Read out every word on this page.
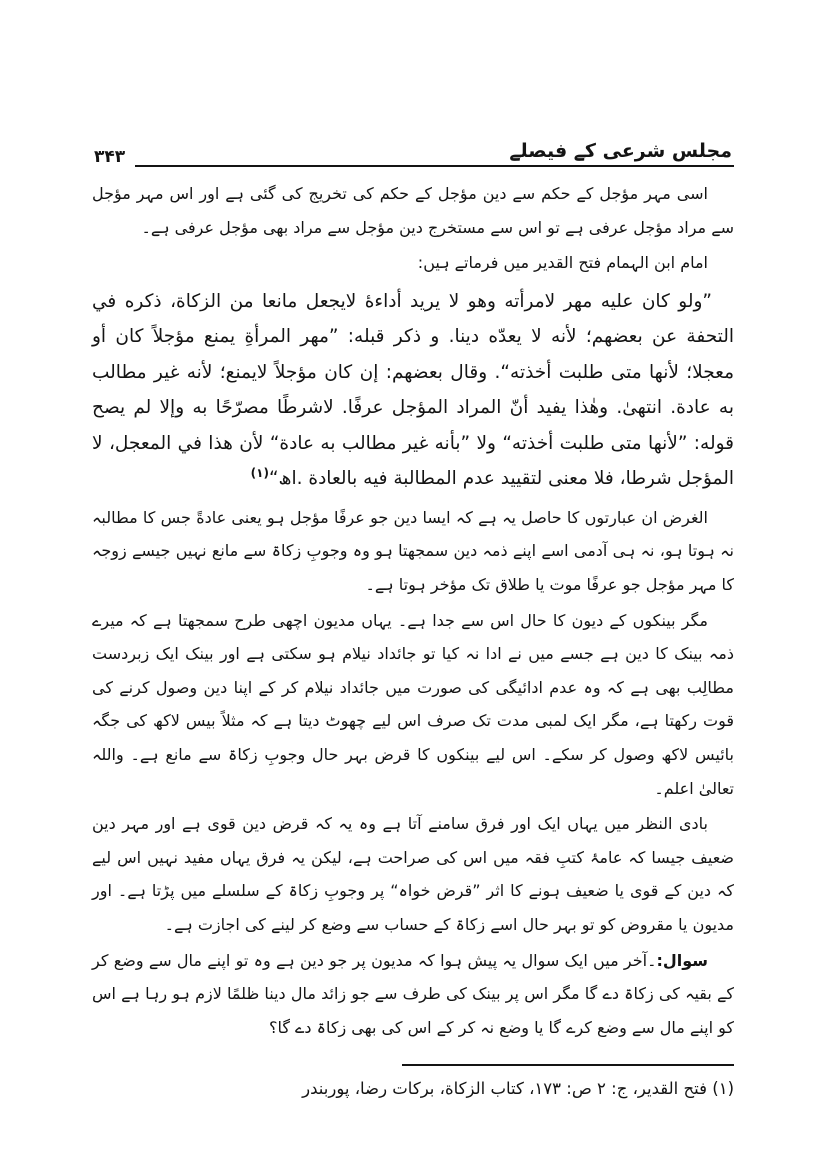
مجلس شرعی کے فیصلے
۳۴۳

اسی مہر مؤجل کے حکم سے دین مؤجل کے حکم کی تخریج کی گئی ہے اور اس مہر مؤجل سے مراد مؤجل عرفی ہے تو اس سے مستخرج دین مؤجل سے مراد بھی مؤجل عرفی ہے۔

امام ابن الہمام فتح القدیر میں فرماتے ہیں:

”ولو كان عليه مهر لامرأته وهو لا يريد أداءهٔ لايجعل مانعا من الزكاة، ذكره في التحفة عن بعضهم؛ لأنه لا يعدّه دينا. و ذكر قبله: ”مهر المرأةِ يمنع مؤجلاً كان أو معجلا؛ لأنها متى طلبت أخذته“. وقال بعضهم: إن كان مؤجلاً لايمنع؛ لأنه غير مطالب به عادة. انتهىٰ. وهٰذا يفيد أنّ المراد المؤجل عرفًا. لاشرطًا مصرّحًا به وإلا لم يصح قوله: ”لأنها متى طلبت أخذته“ ولا ”بأنه غير مطالب به عادة“ لأن هذا في المعجل، لا المؤجل شرطا، فلا معنى لتقييد عدم المطالبة فيه بالعادة .اھ“$^{(١)}$

الغرض ان عبارتوں کا حاصل یہ ہے کہ ایسا دین جو عرفًا مؤجل ہو یعنی عادةً جس کا مطالبہ نہ ہوتا ہو، نہ ہی آدمی اسے اپنے ذمہ دین سمجھتا ہو وہ وجوبِ زکاۃ سے مانع نہیں جیسے زوجہ کا مہر مؤجل جو عرفًا موت یا طلاق تک مؤخر ہوتا ہے۔

مگر بینکوں کے دیون کا حال اس سے جدا ہے۔ یہاں مدیون اچھی طرح سمجھتا ہے کہ میرے ذمہ بینک کا دین ہے جسے میں نے ادا نہ کیا تو جائداد نیلام ہو سکتی ہے اور بینک ایک زبردست مطالِب بھی ہے کہ وہ عدم ادائیگی کی صورت میں جائداد نیلام کر کے اپنا دین وصول کرنے کی قوت رکھتا ہے، مگر ایک لمبی مدت تک صرف اس لیے چھوٹ دیتا ہے کہ مثلاً بیس لاکھ کی جگہ بائیس لاکھ وصول کر سکے۔ اس لیے بینکوں کا قرض بہر حال وجوبِ زکاۃ سے مانع ہے۔ واللہ تعالیٰ اعلم۔

بادی النظر میں یہاں ایک اور فرق سامنے آتا ہے وہ یہ کہ قرض دین قوی ہے اور مہر دین ضعیف جیسا کہ عامۂ کتبِ فقہ میں اس کی صراحت ہے، لیکن یہ فرق یہاں مفید نہیں اس لیے کہ دین کے قوی یا ضعیف ہونے کا اثر ”قرض خواہ“ پر وجوبِ زکاۃ کے سلسلے میں پڑتا ہے۔ اور مدیون یا مقروض کو تو بہر حال اسے زکاۃ کے حساب سے وضع کر لینے کی اجازت ہے۔

سوال:۔آخر میں ایک سوال یہ پیش ہوا کہ مدیون پر جو دین ہے وہ تو اپنے مال سے وضع کر کے بقیہ کی زکاۃ دے گا مگر اس پر بینک کی طرف سے جو زائد مال دینا ظلمًا لازم ہو رہا ہے اس کو اپنے مال سے وضع کرے گا یا وضع نہ کر کے اس کی بھی زکاۃ دے گا؟

(١) فتح القدير، ج: ٢ ص: ١٧٣، كتاب الزكاة، بركات رضا، پوربندر
